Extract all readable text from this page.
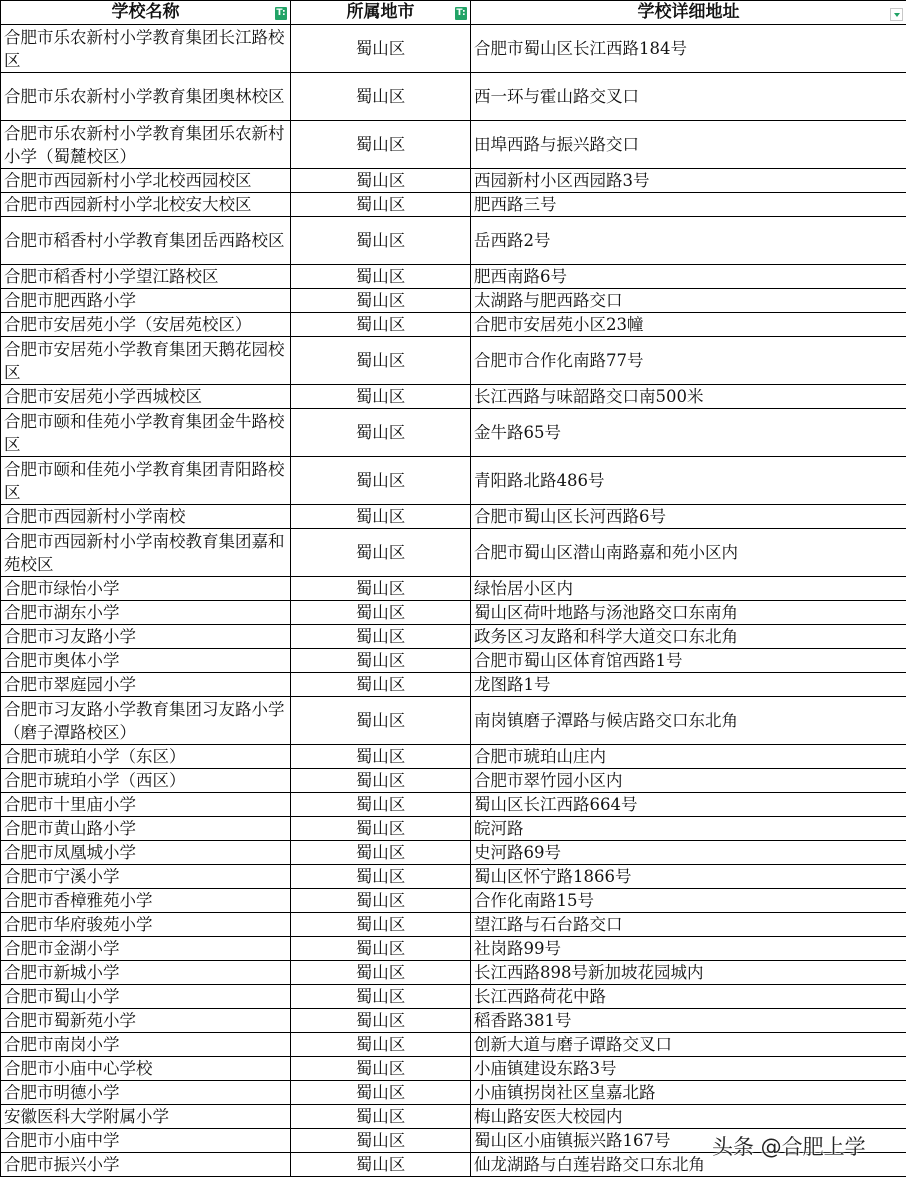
学校名称 T:	所属地市 T:	学校详细地址

合肥市乐农新村小学教育集团长江路校区	蜀山区	合肥市蜀山区长江西路184号
合肥市乐农新村小学教育集团奥林校区	蜀山区	西一环与霍山路交叉口
合肥市乐农新村小学教育集团乐农新村小学（蜀麓校区）	蜀山区	田埠西路与振兴路交口
合肥市西园新村小学北校西园校区	蜀山区	西园新村小区西园路3号
合肥市西园新村小学北校安大校区	蜀山区	肥西路三号
合肥市稻香村小学教育集团岳西路校区	蜀山区	岳西路2号
合肥市稻香村小学望江路校区	蜀山区	肥西南路6号
合肥市肥西路小学	蜀山区	太湖路与肥西路交口
合肥市安居苑小学（安居苑校区）	蜀山区	合肥市安居苑小区23幢
合肥市安居苑小学教育集团天鹅花园校区	蜀山区	合肥市合作化南路77号
合肥市安居苑小学西城校区	蜀山区	长江西路与味韶路交口南500米
合肥市颐和佳苑小学教育集团金牛路校区	蜀山区	金牛路65号
合肥市颐和佳苑小学教育集团青阳路校区	蜀山区	青阳路北路486号
合肥市西园新村小学南校	蜀山区	合肥市蜀山区长河西路6号
合肥市西园新村小学南校教育集团嘉和苑校区	蜀山区	合肥市蜀山区潜山南路嘉和苑小区内
合肥市绿怡小学	蜀山区	绿怡居小区内
合肥市湖东小学	蜀山区	蜀山区荷叶地路与汤池路交口东南角
合肥市习友路小学	蜀山区	政务区习友路和科学大道交口东北角
合肥市奥体小学	蜀山区	合肥市蜀山区体育馆西路1号
合肥市翠庭园小学	蜀山区	龙图路1号
合肥市习友路小学教育集团习友路小学（磨子潭路校区）	蜀山区	南岗镇磨子潭路与候店路交口东北角
合肥市琥珀小学（东区）	蜀山区	合肥市琥珀山庄内
合肥市琥珀小学（西区）	蜀山区	合肥市翠竹园小区内
合肥市十里庙小学	蜀山区	蜀山区长江西路664号
合肥市黄山路小学	蜀山区	皖河路
合肥市凤凰城小学	蜀山区	史河路69号
合肥市宁溪小学	蜀山区	蜀山区怀宁路1866号
合肥市香樟雅苑小学	蜀山区	合作化南路15号
合肥市华府骏苑小学	蜀山区	望江路与石台路交口
合肥市金湖小学	蜀山区	社岗路99号
合肥市新城小学	蜀山区	长江西路898号新加坡花园城内
合肥市蜀山小学	蜀山区	长江西路荷花中路
合肥市蜀新苑小学	蜀山区	稻香路381号
合肥市南岗小学	蜀山区	创新大道与磨子谭路交叉口
合肥市小庙中心学校	蜀山区	小庙镇建设东路3号
合肥市明德小学	蜀山区	小庙镇拐岗社区皇嘉北路
安徽医科大学附属小学	蜀山区	梅山路安医大校园内
合肥市小庙中学	蜀山区	蜀山区小庙镇振兴路167号
合肥市振兴小学	蜀山区	仙龙湖路与白莲岩路交口东北角
头条 @合肥上学
